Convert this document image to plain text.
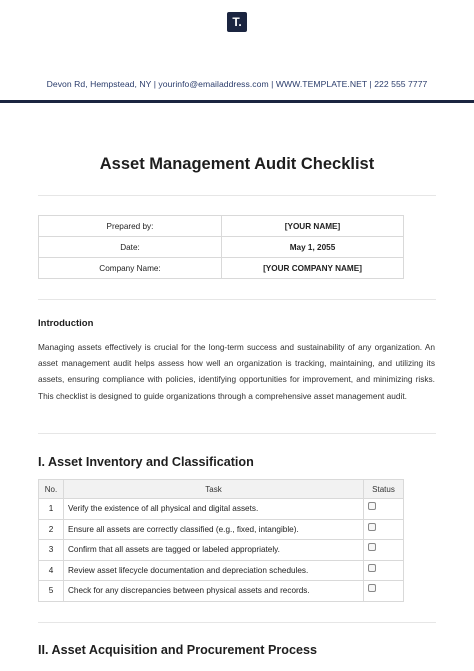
T.
Devon Rd, Hempstead, NY | yourinfo@emailaddress.com | WWW.TEMPLATE.NET | 222 555 7777
Asset Management Audit Checklist
Prepared by:	[YOUR NAME]
Date:	May 1, 2055
Company Name:	[YOUR COMPANY NAME]
Introduction
Managing assets effectively is crucial for the long-term success and sustainability of any organization. An asset management audit helps assess how well an organization is tracking, maintaining, and utilizing its assets, ensuring compliance with policies, identifying opportunities for improvement, and minimizing risks. This checklist is designed to guide organizations through a comprehensive asset management audit.
I. Asset Inventory and Classification
No.	Task	Status
1	Verify the existence of all physical and digital assets.	
2	Ensure all assets are correctly classified (e.g., fixed, intangible).	
3	Confirm that all assets are tagged or labeled appropriately.	
4	Review asset lifecycle documentation and depreciation schedules.	
5	Check for any discrepancies between physical assets and records.	
II. Asset Acquisition and Procurement Process
